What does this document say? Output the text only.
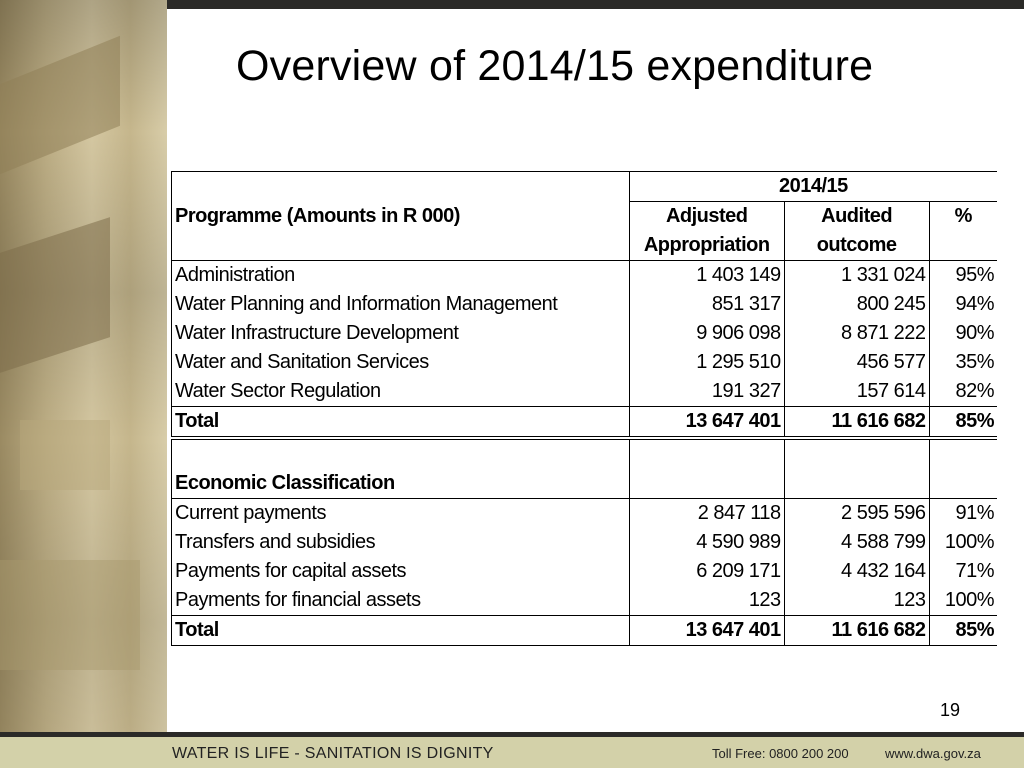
Overview of 2014/15 expenditure
Programme (Amounts in R 000)	2014/15		
	Adjusted	Audited	%
	Appropriation	outcome	
Administration	1 403 149	1 331 024	95%
Water Planning and Information Management	851 317	800 245	94%
Water Infrastructure Development	9 906 098	8 871 222	90%
Water and Sanitation Services	1 295 510	456 577	35%
Water Sector Regulation	191 327	157 614	82%
Total	13 647 401	11 616 682	85%
Economic Classification			
Current payments	2 847 118	2 595 596	91%
Transfers and subsidies	4 590 989	4 588 799	100%
Payments for capital assets	6 209 171	4 432 164	71%
Payments for financial assets	123	123	100%
Total	13 647 401	11 616 682	85%
19
WATER IS LIFE - SANITATION IS DIGNITY	Toll Free: 0800 200 200	www.dwa.gov.za
